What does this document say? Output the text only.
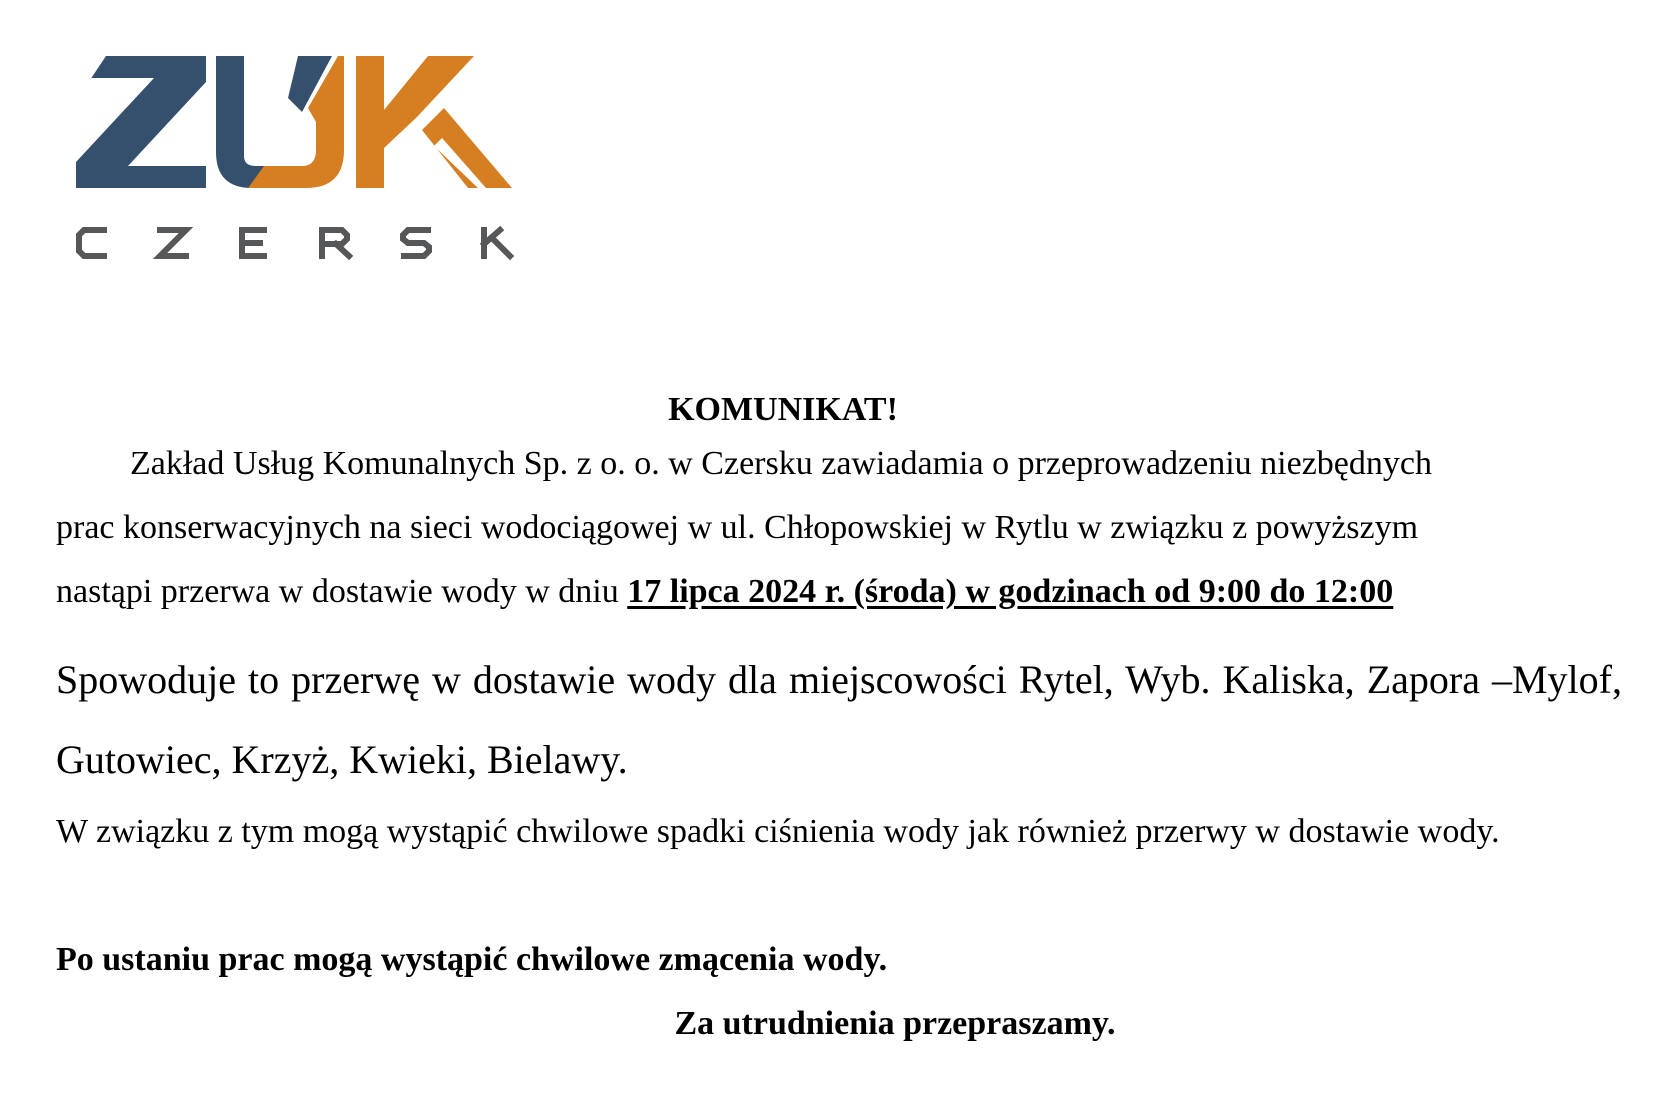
KOMUNIKAT!
Zakład Usług Komunalnych Sp. z o. o. w Czersku zawiadamia o przeprowadzeniu niezbędnych
prac konserwacyjnych na sieci wodociągowej w ul. Chłopowskiej w Rytlu w związku z powyższym
nastąpi przerwa w dostawie wody w dniu 17 lipca 2024 r. (środa) w godzinach od 9:00 do 12:00
Spowoduje to przerwę w dostawie wody dla miejscowości Rytel, Wyb. Kaliska, Zapora –Mylof, Gutowiec, Krzyż, Kwieki, Bielawy.
W związku z tym mogą wystąpić chwilowe spadki ciśnienia wody jak również przerwy w dostawie wody.
Po ustaniu prac mogą wystąpić chwilowe zmącenia wody.
Za utrudnienia przepraszamy.
